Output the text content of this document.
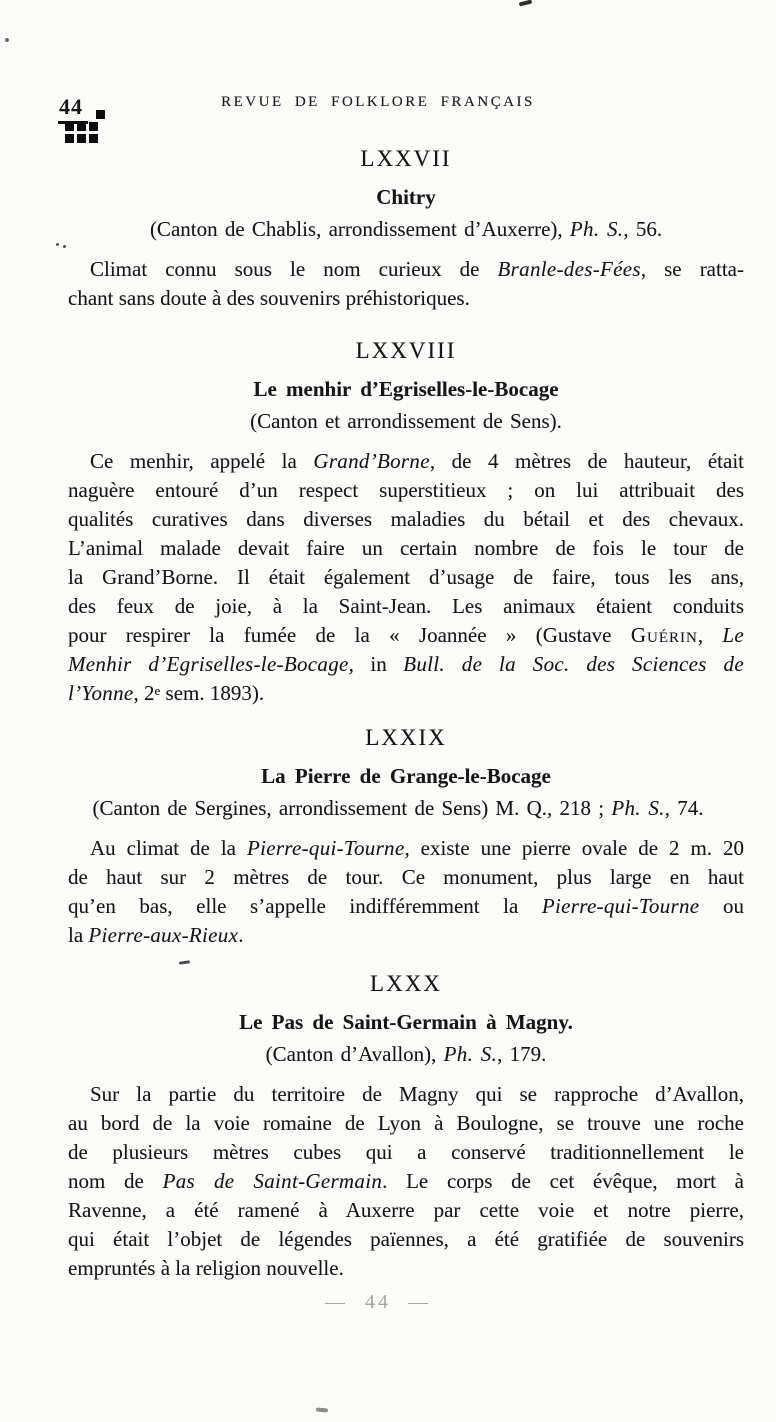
44	REVUE DE FOLKLORE FRANÇAIS
LXXVII
Chitry
(Canton de Chablis, arrondissement d’Auxerre), Ph. S., 56.
Climat connu sous le nom curieux de Branle-des-Fées, se ratta-
chant sans doute à des souvenirs préhistoriques.
LXXVIII
Le menhir d’Egriselles-le-Bocage
(Canton et arrondissement de Sens).
Ce menhir, appelé la Grand’Borne, de 4 mètres de hauteur, était
naguère entouré d’un respect superstitieux ; on lui attribuait des
qualités curatives dans diverses maladies du bétail et des chevaux.
L’animal malade devait faire un certain nombre de fois le tour de
la Grand’Borne. Il était également d’usage de faire, tous les ans,
des feux de joie, à la Saint-Jean. Les animaux étaient conduits
pour respirer la fumée de la « Joannée » (Gustave Guérin, Le
Menhir d’Egriselles-le-Bocage, in Bull. de la Soc. des Sciences de
l’Yonne, 2e sem. 1893).
LXXIX
La Pierre de Grange-le-Bocage
(Canton de Sergines, arrondissement de Sens) M. Q., 218 ; Ph. S., 74.
Au climat de la Pierre-qui-Tourne, existe une pierre ovale de 2 m. 20
de haut sur 2 mètres de tour. Ce monument, plus large en haut
qu’en bas, elle s’appelle indifféremment la Pierre-qui-Tourne ou
la Pierre-aux-Rieux.
LXXX
Le Pas de Saint-Germain à Magny.
(Canton d’Avallon), Ph. S., 179.
Sur la partie du territoire de Magny qui se rapproche d’Avallon,
au bord de la voie romaine de Lyon à Boulogne, se trouve une roche
de plusieurs mètres cubes qui a conservé traditionnellement le
nom de Pas de Saint-Germain. Le corps de cet évêque, mort à
Ravenne, a été ramené à Auxerre par cette voie et notre pierre,
qui était l’objet de légendes païennes, a été gratifiée de souvenirs
empruntés à la religion nouvelle.
— 44 —
